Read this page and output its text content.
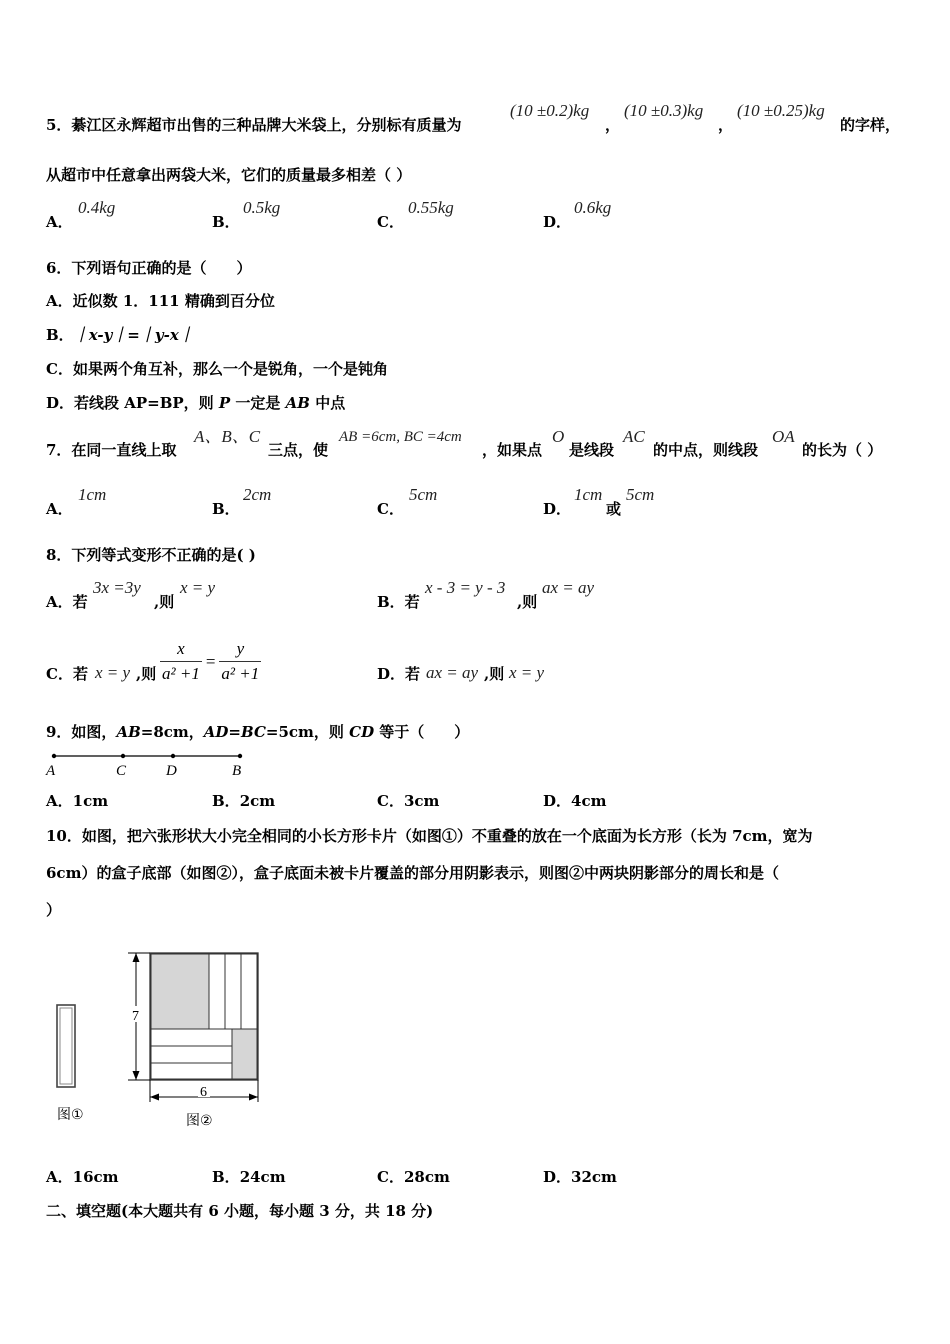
5．綦江区永辉超市出售的三种品牌大米袋上，分别标有质量为
(10 ±0.2)kg
，
(10 ±0.3)kg
，
(10 ±0.25)kg
的字样，
从超市中任意拿出两袋大米，它们的质量最多相差（ ）
A．
0.4kg
B．
0.5kg
C．
0.55kg
D．
0.6kg
6．下列语句正确的是（　　）
A．近似数 1．111 精确到百分位
B．｜x-y｜=｜y-x｜
C．如果两个角互补，那么一个是锐角，一个是钝角
D．若线段 AP=BP，则 P 一定是 AB 中点
7．在同一直线上取
A、B、C
三点，使
AB =6cm, BC =4cm
，如果点
O
是线段
AC
的中点，则线段
OA
的长为（ ）
A．
1cm
B．
2cm
C．
5cm
D．
1cm
或
5cm
8．下列等式变形不正确的是( )
A．若
3x =3y
,则
x = y
B．若
x - 3 = y - 3
,则
ax = ay
C．若 x = y ,则 $\frac{x}{\text{a² +1}} = \frac{y}{\text{a² +1}}$	D．若 ax = ay ,则 x = y
9．如图，AB=8cm，AD=BC=5cm，则 CD 等于（　　）
A	C	D	B
A．1cm	B．2cm	C．3cm	D．4cm
10．如图，把六张形状大小完全相同的小长方形卡片（如图①）不重叠的放在一个底面为长方形（长为 7cm，宽为
6cm）的盒子底部（如图②），盒子底面未被卡片覆盖的部分用阴影表示，则图②中两块阴影部分的周长和是（
）
图①
7
6
图②
A．16cm	B．24cm	C．28cm	D．32cm
二、填空题(本大题共有 6 小题，每小题 3 分，共 18 分)
